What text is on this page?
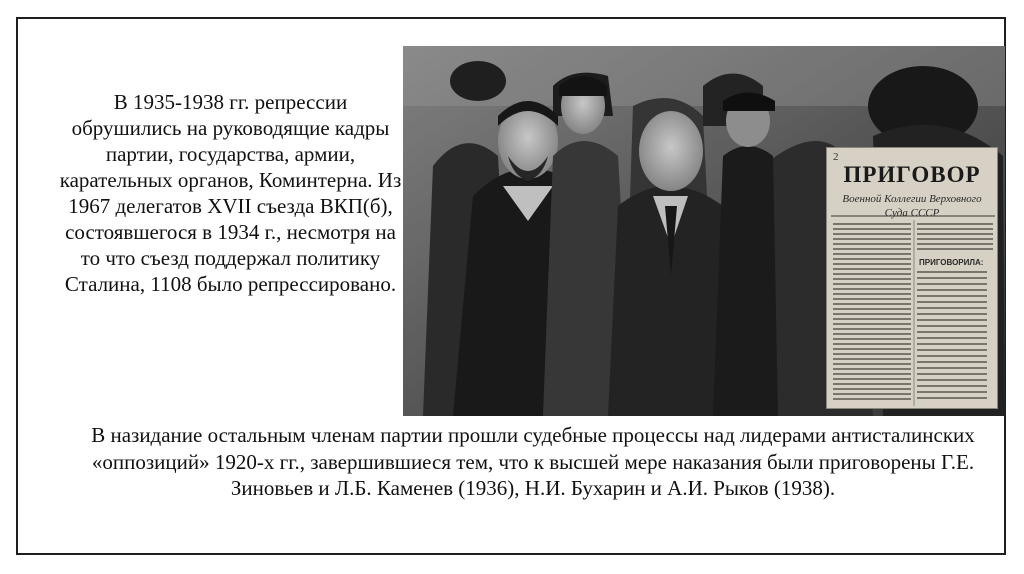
В 1935-1938 гг. репрессии обрушились на руководящие кадры партии, государства, армии, карательных органов, Коминтерна. Из 1967 делегатов XVII съезда ВКП(б), состоявшегося в 1934 г., несмотря на то что съезд поддержал политику Сталина, 1108 было репрессировано.

2
ПРИГОВОР
Военной Коллегии Верховного
Суда СССР
ПРИГОВОРИЛА:

В назидание остальным членам партии прошли судебные процессы над лидерами антисталинских «оппозиций» 1920-х гг., завершившиеся тем, что к высшей мере наказания были приговорены Г.Е. Зиновьев и Л.Б. Каменев (1936), Н.И. Бухарин и А.И. Рыков (1938).
